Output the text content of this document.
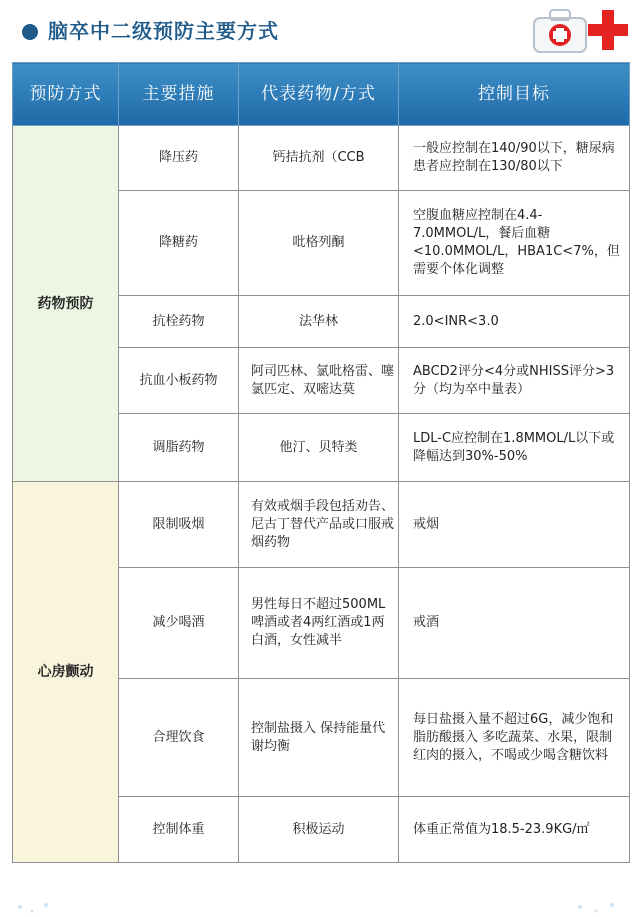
脑卒中二级预防主要方式
预防方式	主要措施	代表药物/方式	控制目标
药物预防	降压药	钙拮抗剂（CCB	一般应控制在140/90以下，糖尿病患者应控制在130/80以下
	降糖药	吡格列酮	空腹血糖应控制在4.4-7.0MMOL/L，餐后血糖<10.0MMOL/L，HBA1C<7%，但需要个体化调整
	抗栓药物	法华林	2.0<INR<3.0
	抗血小板药物	阿司匹林、氯吡格雷、噻氯匹定、双嘧达莫	ABCD2评分<4分或NHISS评分>3分（均为卒中量表）
	调脂药物	他汀、贝特类	LDL-C应控制在1.8MMOL/L以下或降幅达到30%-50%
心房颤动	限制吸烟	有效戒烟手段包括劝告、尼古丁替代产品或口服戒烟药物	戒烟
	减少喝酒	男性每日不超过500ML啤酒或者4两红酒或1两白酒，女性减半	戒酒
	合理饮食	控制盐摄入 保持能量代谢均衡	每日盐摄入量不超过6G，减少饱和脂肪酸摄入 多吃蔬菜、水果，限制红肉的摄入，不喝或少喝含糖饮料
	控制体重	积极运动	体重正常值为18.5-23.9KG/㎡
